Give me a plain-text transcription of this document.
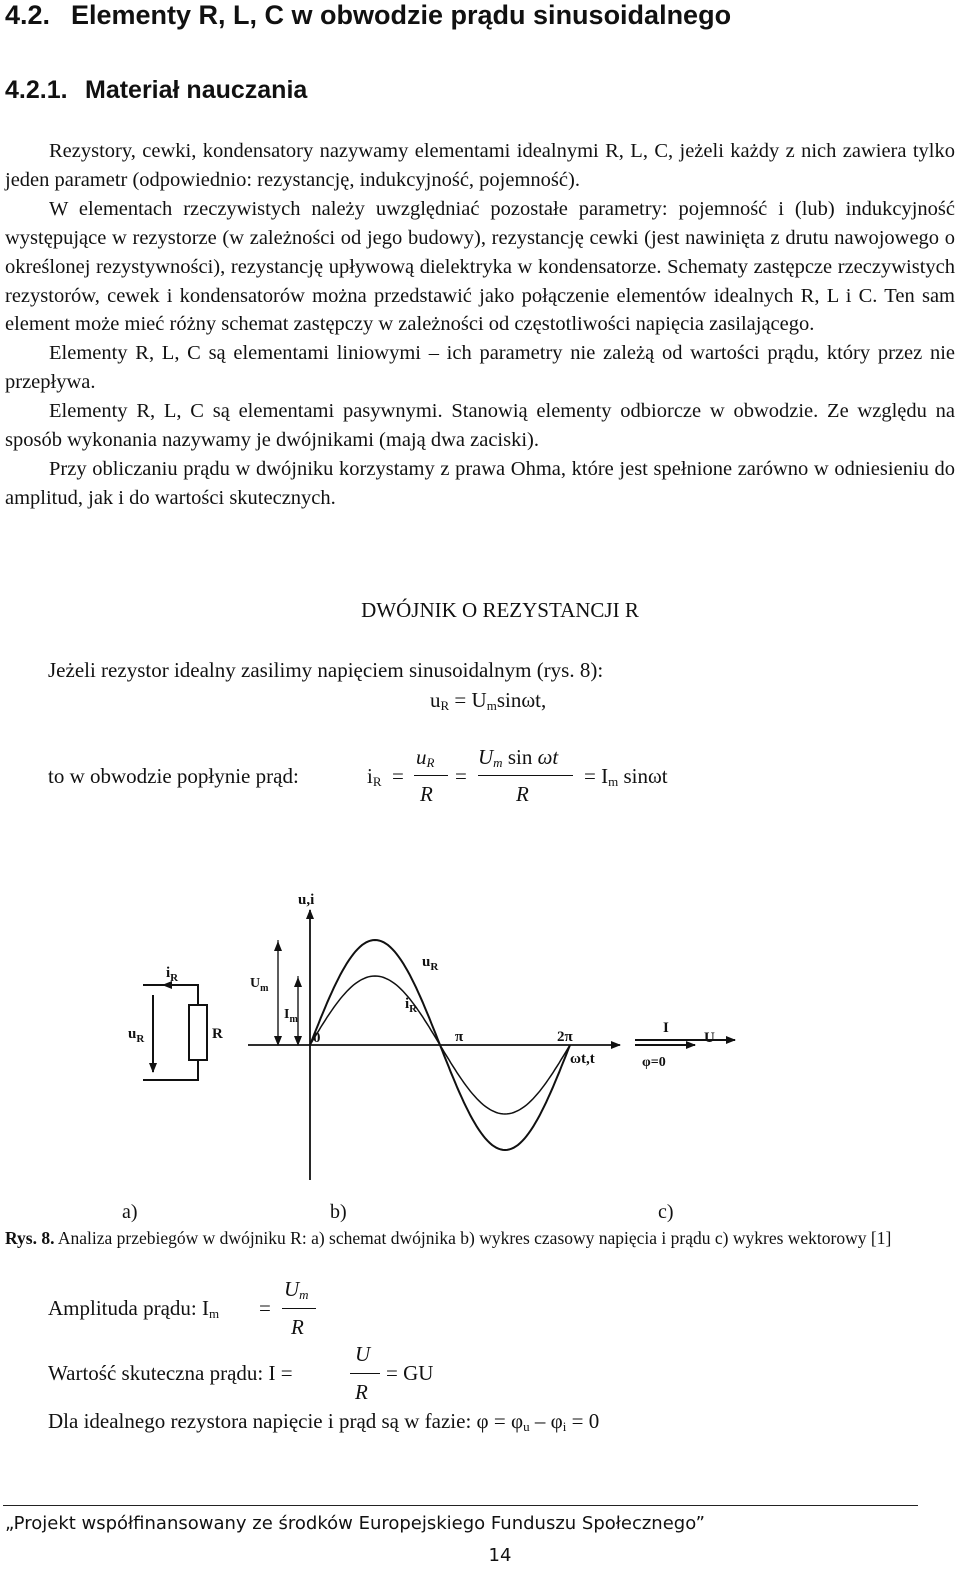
4.2. Elementy R, L, C w obwodzie prądu sinusoidalnego
4.2.1. Materiał nauczania

Rezystory, cewki, kondensatory nazywamy elementami idealnymi R, L, C, jeżeli każdy z nich zawiera tylko jeden parametr (odpowiednio: rezystancję, indukcyjność, pojemność).

W elementach rzeczywistych należy uwzględniać pozostałe parametry: pojemność i (lub) indukcyjność występujące w rezystorze (w zależności od jego budowy), rezystancję cewki (jest nawinięta z drutu nawojowego o określonej rezystywności), rezystancję upływową dielektryka w kondensatorze. Schematy zastępcze rzeczywistych rezystorów, cewek i kondensatorów można przedstawić jako połączenie elementów idealnych R, L i C. Ten sam element może mieć różny schemat zastępczy w zależności od częstotliwości napięcia zasilającego.

Elementy R, L, C są elementami liniowymi – ich parametry nie zależą od wartości prądu, który przez nie przepływa.

Elementy R, L, C są elementami pasywnymi. Stanowią elementy odbiorcze w obwodzie. Ze względu na sposób wykonania nazywamy je dwójnikami (mają dwa zaciski).

Przy obliczaniu prądu w dwójniku korzystamy z prawa Ohma, które jest spełnione zarówno w odniesieniu do amplitud, jak i do wartości skutecznych.

DWÓJNIK O REZYSTANCJI R
Jeżeli rezystor idealny zasilimy napięciem sinusoidalnym (rys. 8):
$u_R = U_m\sin\omega t$,
to w obwodzie popłynie prąd:	$i_R$ =
$u_R$
R
=
$U_m$ sin ωt
R
= $I_m$ sinωt
$i_R$
$u_R$	R
u,i
ωt,t
$U_m$
$I_m$
0	π	2π
$u_R$
$i_R$
I
U
φ=0
a)	b)	c)
Rys. 8. Analiza przebiegów w dwójniku R: a) schemat dwójnika b) wykres czasowy napięcia i prądu c) wykres wektorowy [1]
Amplituda prądu: $I_m$ =
$U_m$
R
Wartość skuteczna prądu: I =
U
R
= GU
Dla idealnego rezystora napięcie i prąd są w fazie: $\varphi = \varphi_u - \varphi_i = 0$
„Projekt współfinansowany ze środków Europejskiego Funduszu Społecznego”
14
